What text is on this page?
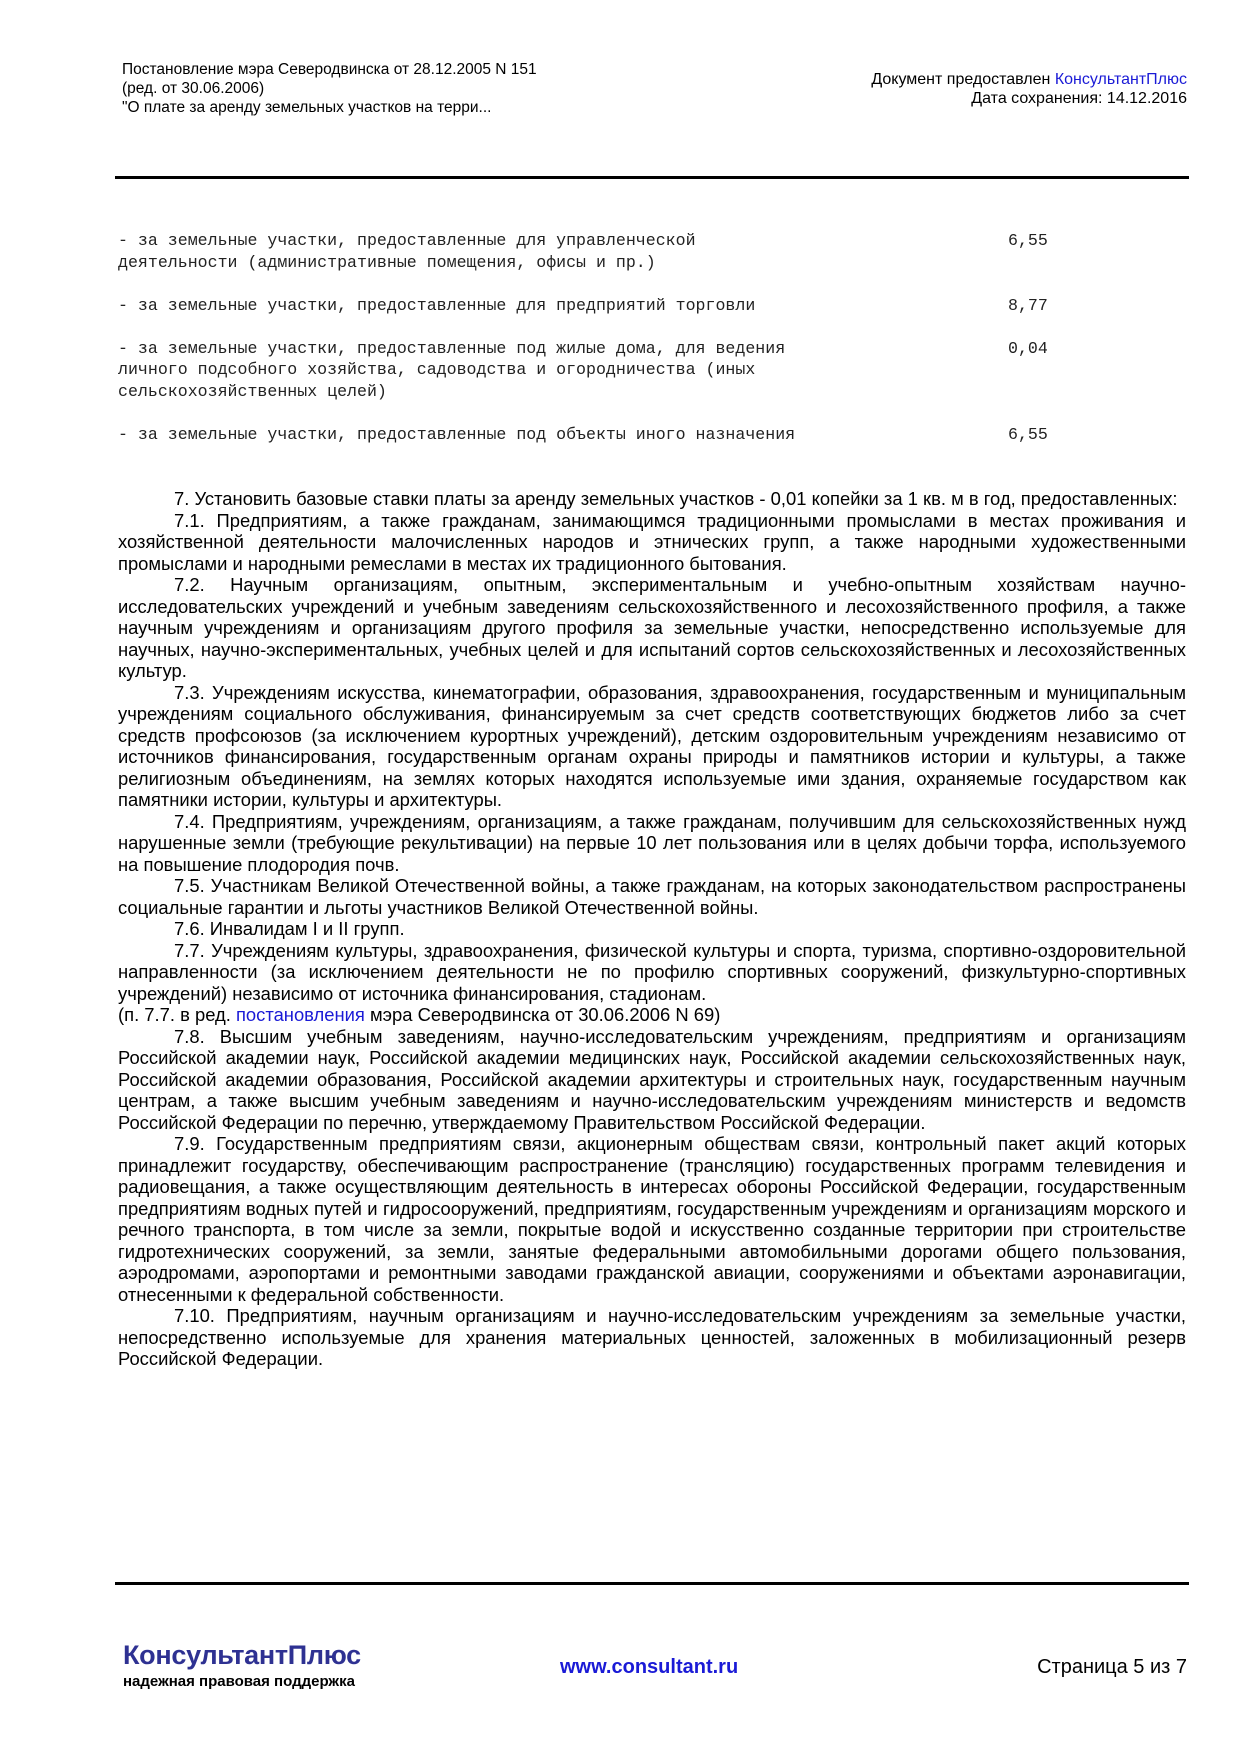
Постановление мэра Северодвинска от 28.12.2005 N 151
(ред. от 30.06.2006)
"О плате за аренду земельных участков на терри...
Документ предоставлен КонсультантПлюс
Дата сохранения: 14.12.2016
- за земельные участки, предоставленные для управленческой
деятельности (административные помещения, офисы и пр.)
6,55
- за земельные участки, предоставленные для предприятий торговли	8,77
- за земельные участки, предоставленные под жилые дома, для ведения
личного подсобного хозяйства, садоводства и огородничества (иных
сельскохозяйственных целей)
0,04
- за земельные участки, предоставленные под объекты иного назначения	6,55

7. Установить базовые ставки платы за аренду земельных участков - 0,01 копейки за 1 кв. м в год, предоставленных:

7.1. Предприятиям, а также гражданам, занимающимся традиционными промыслами в местах проживания и хозяйственной деятельности малочисленных народов и этнических групп, а также народными художественными промыслами и народными ремеслами в местах их традиционного бытования.

7.2. Научным организациям, опытным, экспериментальным и учебно-опытным хозяйствам научно-исследовательских учреждений и учебным заведениям сельскохозяйственного и лесохозяйственного профиля, а также научным учреждениям и организациям другого профиля за земельные участки, непосредственно используемые для научных, научно-экспериментальных, учебных целей и для испытаний сортов сельскохозяйственных и лесохозяйственных культур.

7.3. Учреждениям искусства, кинематографии, образования, здравоохранения, государственным и муниципальным учреждениям социального обслуживания, финансируемым за счет средств соответствующих бюджетов либо за счет средств профсоюзов (за исключением курортных учреждений), детским оздоровительным учреждениям независимо от источников финансирования, государственным органам охраны природы и памятников истории и культуры, а также религиозным объединениям, на землях которых находятся используемые ими здания, охраняемые государством как памятники истории, культуры и архитектуры.

7.4. Предприятиям, учреждениям, организациям, а также гражданам, получившим для сельскохозяйственных нужд нарушенные земли (требующие рекультивации) на первые 10 лет пользования или в целях добычи торфа, используемого на повышение плодородия почв.

7.5. Участникам Великой Отечественной войны, а также гражданам, на которых законодательством распространены социальные гарантии и льготы участников Великой Отечественной войны.

7.6. Инвалидам I и II групп.

7.7. Учреждениям культуры, здравоохранения, физической культуры и спорта, туризма, спортивно-оздоровительной направленности (за исключением деятельности не по профилю спортивных сооружений, физкультурно-спортивных учреждений) независимо от источника финансирования, стадионам.

(п. 7.7. в ред. постановления мэра Северодвинска от 30.06.2006 N 69)

7.8. Высшим учебным заведениям, научно-исследовательским учреждениям, предприятиям и организациям Российской академии наук, Российской академии медицинских наук, Российской академии сельскохозяйственных наук, Российской академии образования, Российской академии архитектуры и строительных наук, государственным научным центрам, а также высшим учебным заведениям и научно-исследовательским учреждениям министерств и ведомств Российской Федерации по перечню, утверждаемому Правительством Российской Федерации.

7.9. Государственным предприятиям связи, акционерным обществам связи, контрольный пакет акций которых принадлежит государству, обеспечивающим распространение (трансляцию) государственных программ телевидения и радиовещания, а также осуществляющим деятельность в интересах обороны Российской Федерации, государственным предприятиям водных путей и гидросооружений, предприятиям, государственным учреждениям и организациям морского и речного транспорта, в том числе за земли, покрытые водой и искусственно созданные территории при строительстве гидротехнических сооружений, за земли, занятые федеральными автомобильными дорогами общего пользования, аэродромами, аэропортами и ремонтными заводами гражданской авиации, сооружениями и объектами аэронавигации, отнесенными к федеральной собственности.

7.10. Предприятиям, научным организациям и научно-исследовательским учреждениям за земельные участки, непосредственно используемые для хранения материальных ценностей, заложенных в мобилизационный резерв Российской Федерации.

КонсультантПлюс
надежная правовая поддержка
www.consultant.ru	Страница 5 из 7
